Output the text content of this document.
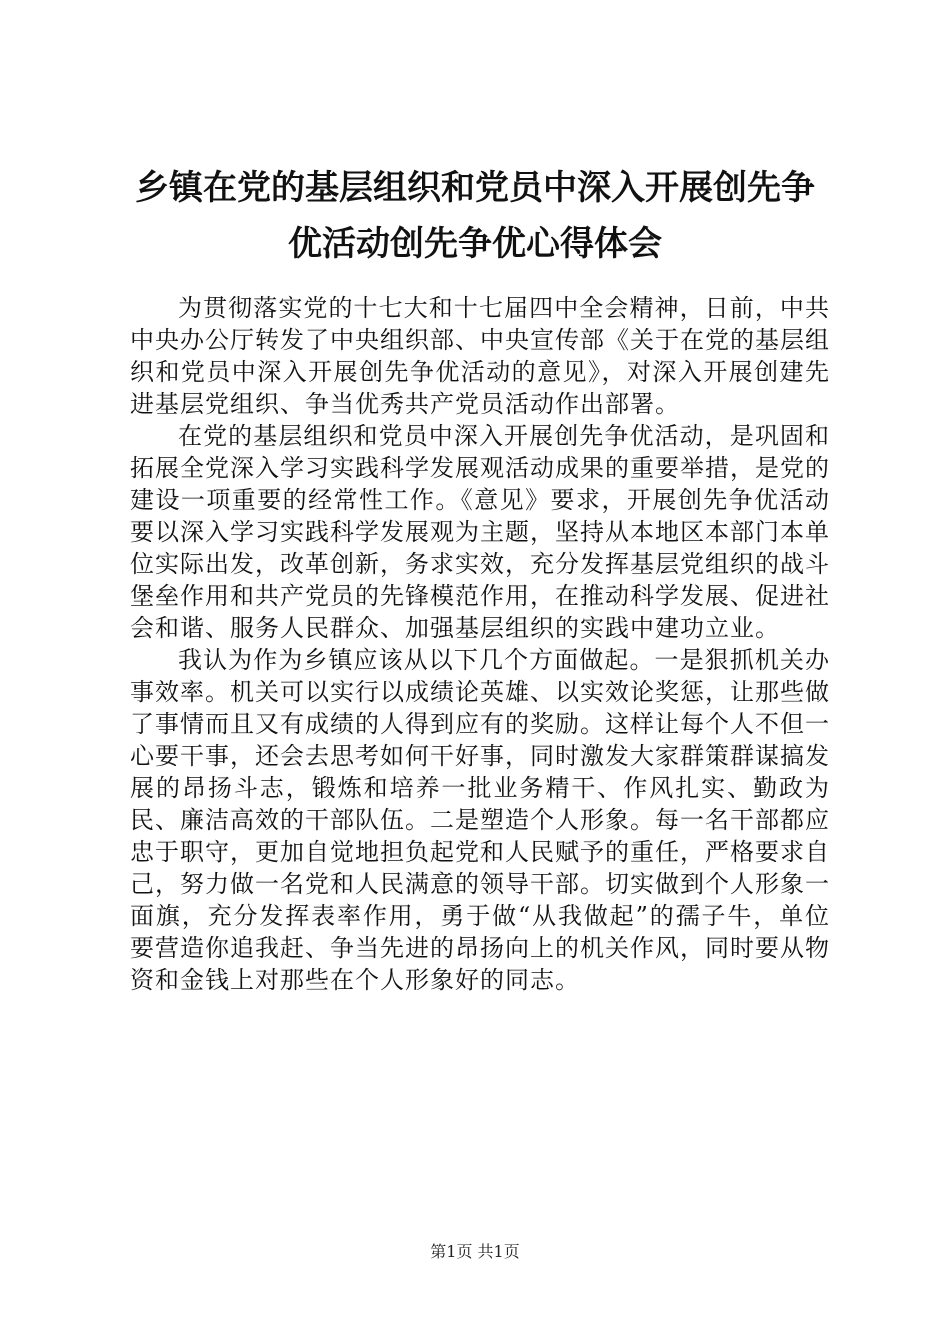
乡镇在党的基层组织和党员中深入开展创先争优活动创先争优心得体会

为贯彻落实党的十七大和十七届四中全会精神，日前，中共中央办公厅转发了中央组织部、中央宣传部《关于在党的基层组织和党员中深入开展创先争优活动的意见》，对深入开展创建先进基层党组织、争当优秀共产党员活动作出部署。

在党的基层组织和党员中深入开展创先争优活动，是巩固和拓展全党深入学习实践科学发展观活动成果的重要举措，是党的建设一项重要的经常性工作。《意见》要求，开展创先争优活动要以深入学习实践科学发展观为主题，坚持从本地区本部门本单位实际出发，改革创新，务求实效，充分发挥基层党组织的战斗堡垒作用和共产党员的先锋模范作用，在推动科学发展、促进社会和谐、服务人民群众、加强基层组织的实践中建功立业。

我认为作为乡镇应该从以下几个方面做起。一是狠抓机关办事效率。机关可以实行以成绩论英雄、以实效论奖惩，让那些做了事情而且又有成绩的人得到应有的奖励。这样让每个人不但一心要干事，还会去思考如何干好事，同时激发大家群策群谋搞发展的昂扬斗志，锻炼和培养一批业务精干、作风扎实、勤政为民、廉洁高效的干部队伍。二是塑造个人形象。每一名干部都应忠于职守，更加自觉地担负起党和人民赋予的重任，严格要求自己，努力做一名党和人民满意的领导干部。切实做到个人形象一面旗，充分发挥表率作用，勇于做“从我做起”的孺子牛，单位要营造你追我赶、争当先进的昂扬向上的机关作风，同时要从物资和金钱上对那些在个人形象好的同志。

第1页 共1页
